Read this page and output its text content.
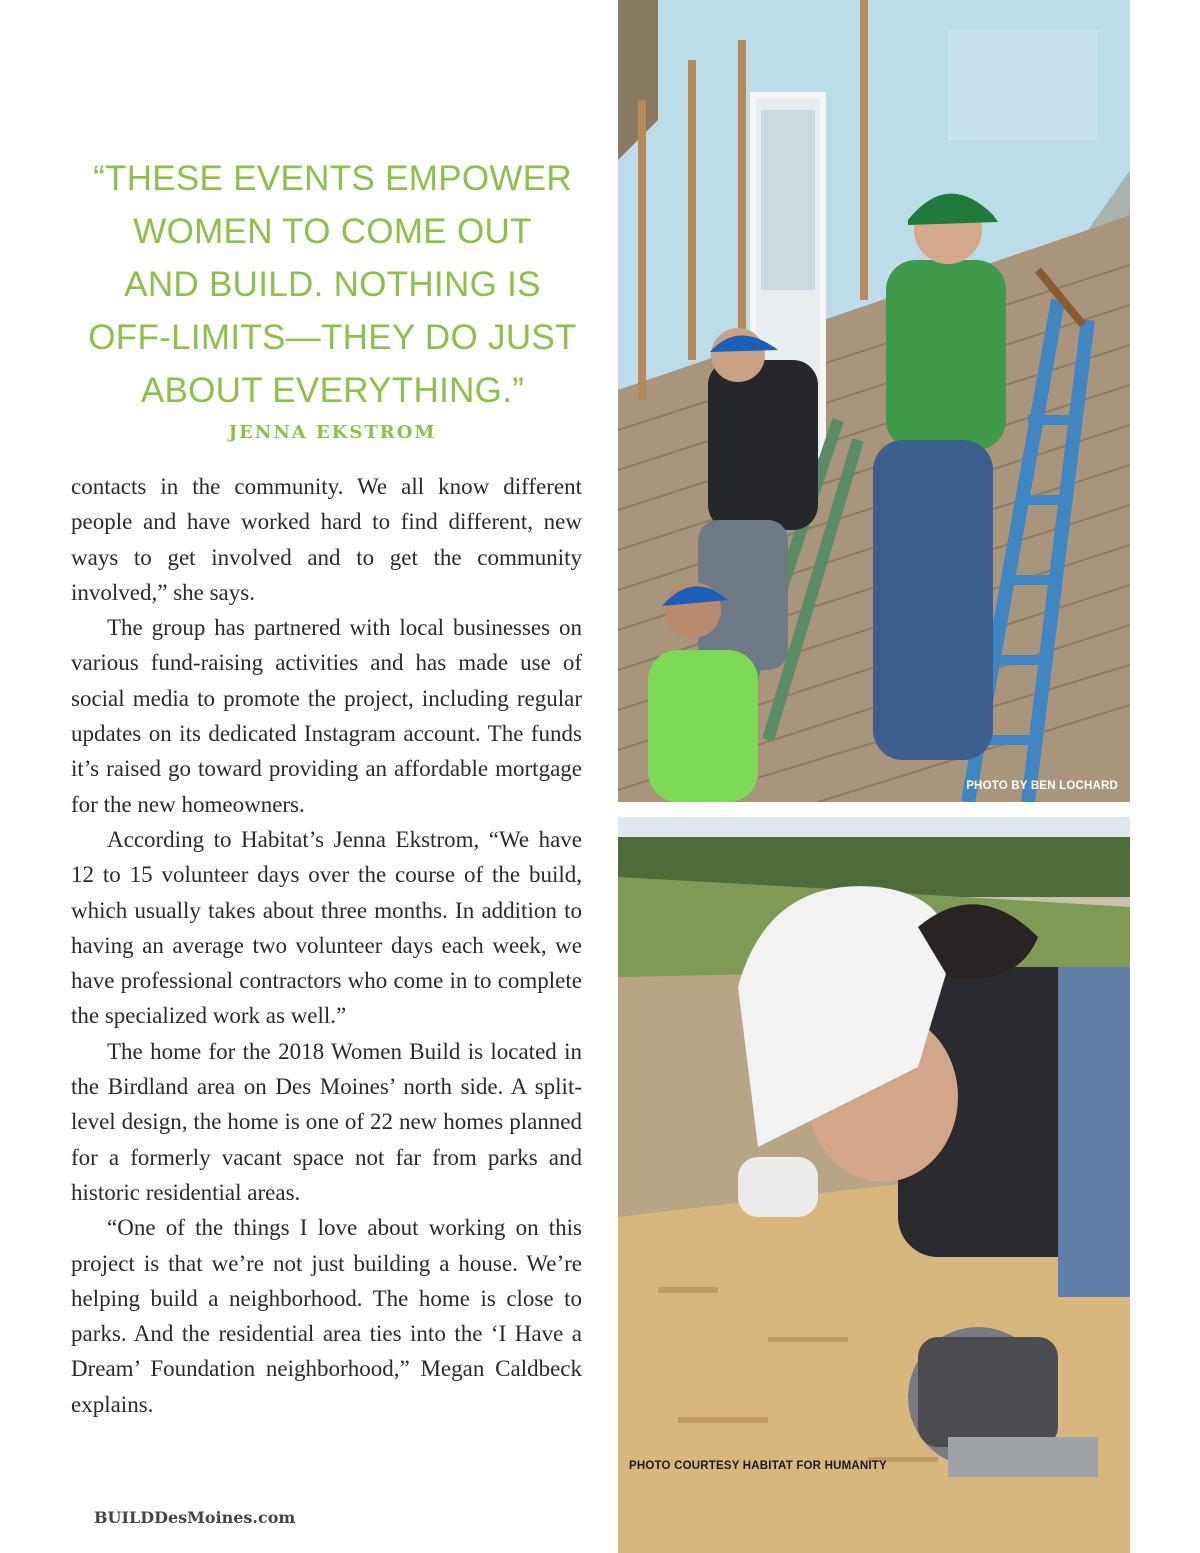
“THESE EVENTS EMPOWER
WOMEN TO COME OUT
AND BUILD. NOTHING IS
OFF-LIMITS—THEY DO JUST
ABOUT EVERYTHING.”
JENNA EKSTROM

contacts in the community. We all know different people and have worked hard to find different, new ways to get involved and to get the community involved,” she says.

The group has partnered with local businesses on various fund-raising activities and has made use of social media to promote the project, including regular updates on its dedicated Instagram account. The funds it’s raised go toward providing an affordable mortgage for the new homeowners.

According to Habitat’s Jenna Ekstrom, “We have 12 to 15 volunteer days over the course of the build, which usually takes about three months. In addition to having an average two volunteer days each week, we have professional contractors who come in to complete the specialized work as well.”

The home for the 2018 Women Build is located in the Birdland area on Des Moines’ north side. A split-level design, the home is one of 22 new homes planned for a formerly vacant space not far from parks and historic residential areas.

“One of the things I love about working on this project is that we’re not just building a house. We’re helping build a neighborhood. The home is close to parks. And the residential area ties into the ‘I Have a Dream’ Foundation neighborhood,” Megan Caldbeck explains.

BUILDDesMoines.com
PHOTO BY BEN LOCHARD
PHOTO COURTESY HABITAT FOR HUMANITY
